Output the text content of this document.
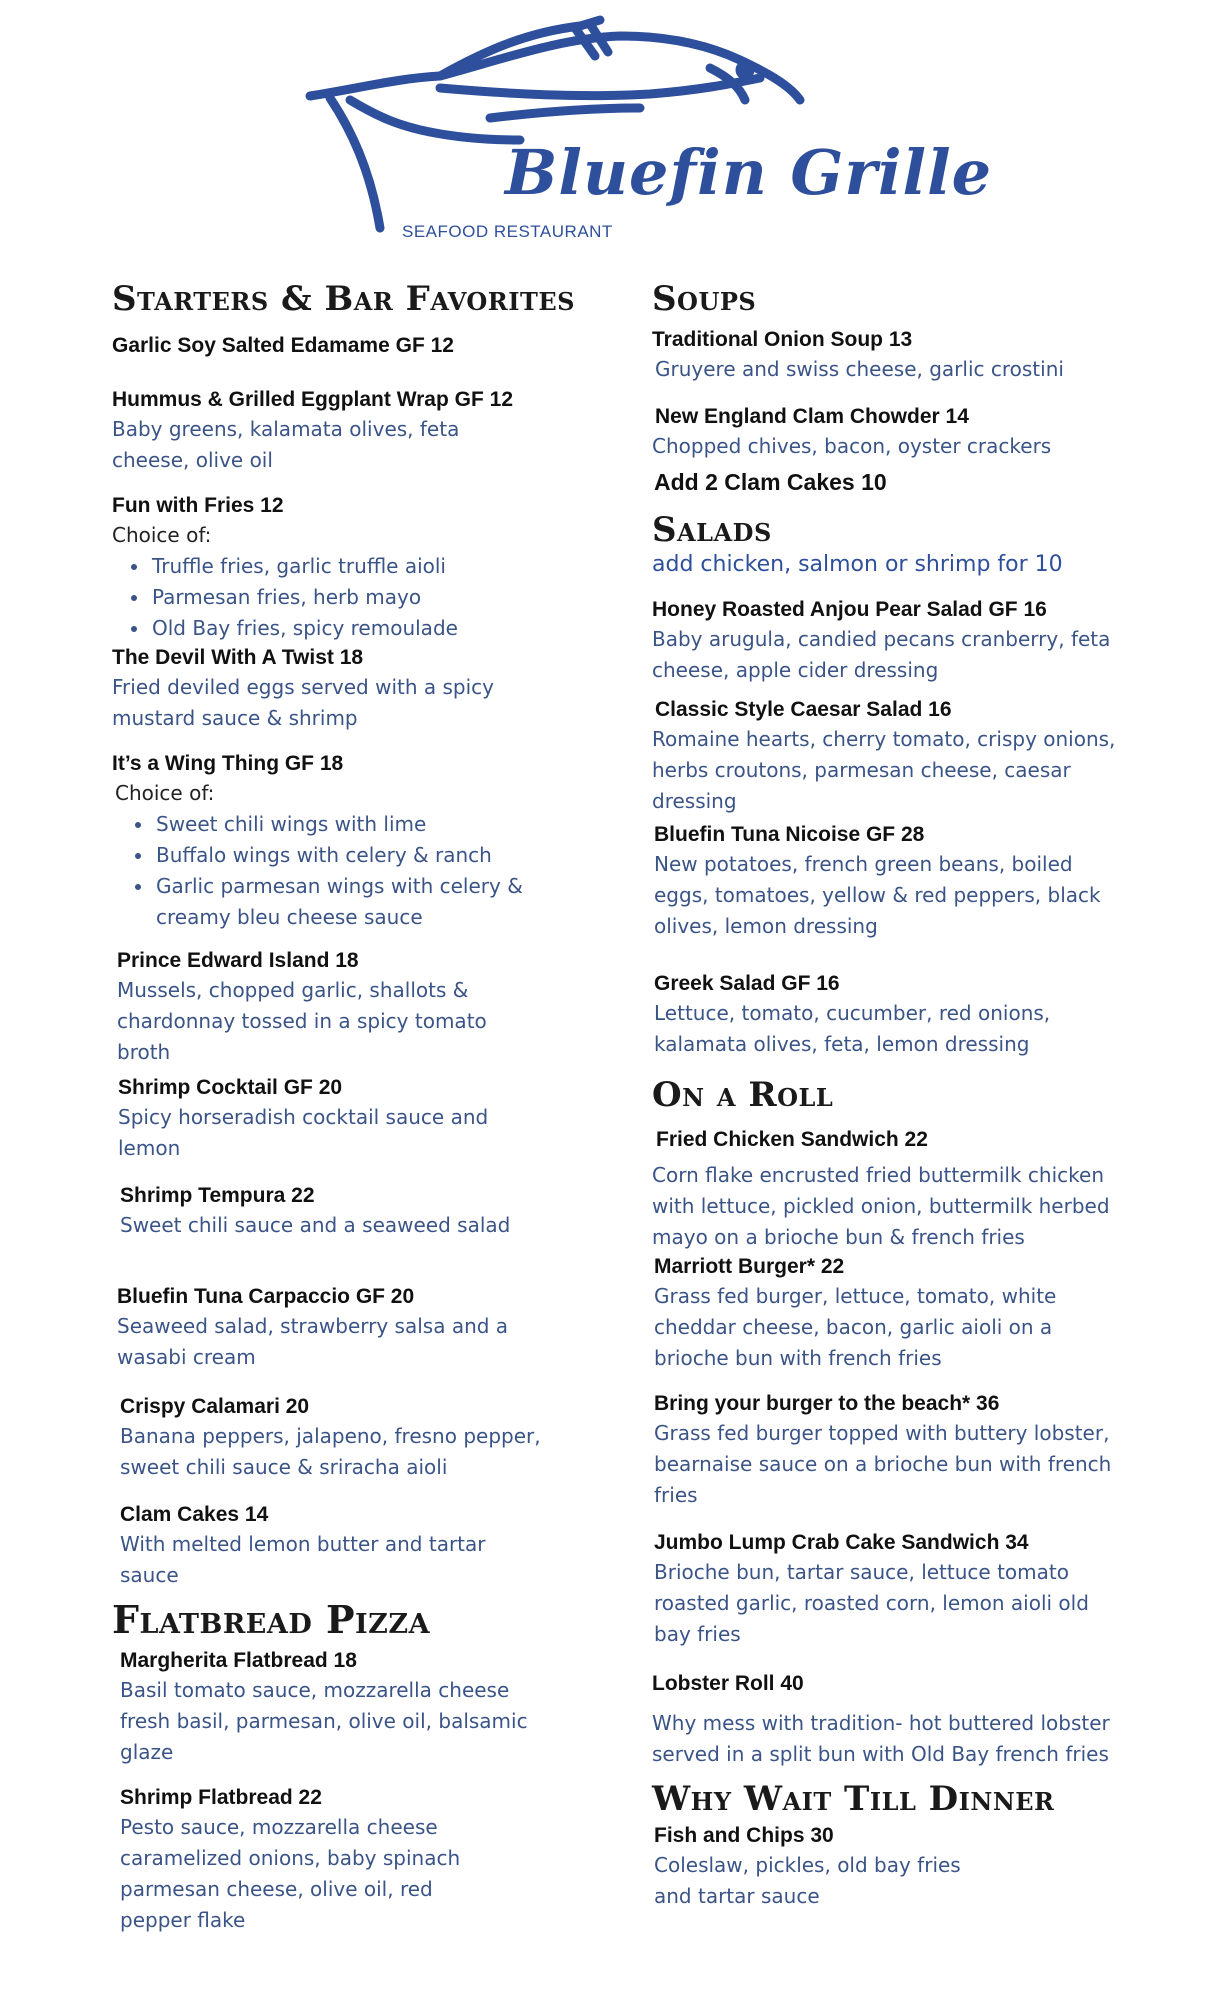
Bluefin Grille
SEAFOOD RESTAURANT
Starters & Bar Favorites
Garlic Soy Salted Edamame GF 12
Hummus & Grilled Eggplant Wrap GF 12
Baby greens, kalamata olives, feta cheese, olive oil
Fun with Fries 12
Choice of:
• Truffle fries, garlic truffle aioli
• Parmesan fries, herb mayo
• Old Bay fries, spicy remoulade
The Devil With A Twist 18
Fried deviled eggs served with a spicy mustard sauce & shrimp
It’s a Wing Thing GF 18
Choice of:
• Sweet chili wings with lime
• Buffalo wings with celery & ranch
• Garlic parmesan wings with celery & creamy bleu cheese sauce
Prince Edward Island 18
Mussels, chopped garlic, shallots & chardonnay tossed in a spicy tomato broth
Shrimp Cocktail GF 20
Spicy horseradish cocktail sauce and lemon
Shrimp Tempura 22
Sweet chili sauce and a seaweed salad
Bluefin Tuna Carpaccio GF 20
Seaweed salad, strawberry salsa and a wasabi cream
Crispy Calamari 20
Banana peppers, jalapeno, fresno pepper, sweet chili sauce & sriracha aioli
Clam Cakes 14
With melted lemon butter and tartar sauce
Flatbread Pizza
Margherita Flatbread 18
Basil tomato sauce, mozzarella cheese fresh basil, parmesan, olive oil, balsamic glaze
Shrimp Flatbread 22
Pesto sauce, mozzarella cheese caramelized onions, baby spinach parmesan cheese, olive oil, red pepper flake
Soups
Traditional Onion Soup 13
Gruyere and swiss cheese, garlic crostini
New England Clam Chowder 14
Chopped chives, bacon, oyster crackers
Add 2 Clam Cakes 10
Salads
add chicken, salmon or shrimp for 10
Honey Roasted Anjou Pear Salad GF 16
Baby arugula, candied pecans cranberry, feta cheese, apple cider dressing
Classic Style Caesar Salad 16
Romaine hearts, cherry tomato, crispy onions, herbs croutons, parmesan cheese, caesar dressing
Bluefin Tuna Nicoise GF 28
New potatoes, french green beans, boiled eggs, tomatoes, yellow & red peppers, black olives, lemon dressing
Greek Salad GF 16
Lettuce, tomato, cucumber, red onions, kalamata olives, feta, lemon dressing
On a Roll
Fried Chicken Sandwich 22
Corn flake encrusted fried buttermilk chicken with lettuce, pickled onion, buttermilk herbed mayo on a brioche bun & french fries
Marriott Burger* 22
Grass fed burger, lettuce, tomato, white cheddar cheese, bacon, garlic aioli on a brioche bun with french fries
Bring your burger to the beach* 36
Grass fed burger topped with buttery lobster, bearnaise sauce on a brioche bun with french fries
Jumbo Lump Crab Cake Sandwich 34
Brioche bun, tartar sauce, lettuce tomato roasted garlic, roasted corn, lemon aioli old bay fries
Lobster Roll 40
Why mess with tradition- hot buttered lobster served in a split bun with Old Bay french fries
Why Wait Till Dinner
Fish and Chips 30
Coleslaw, pickles, old bay fries and tartar sauce
